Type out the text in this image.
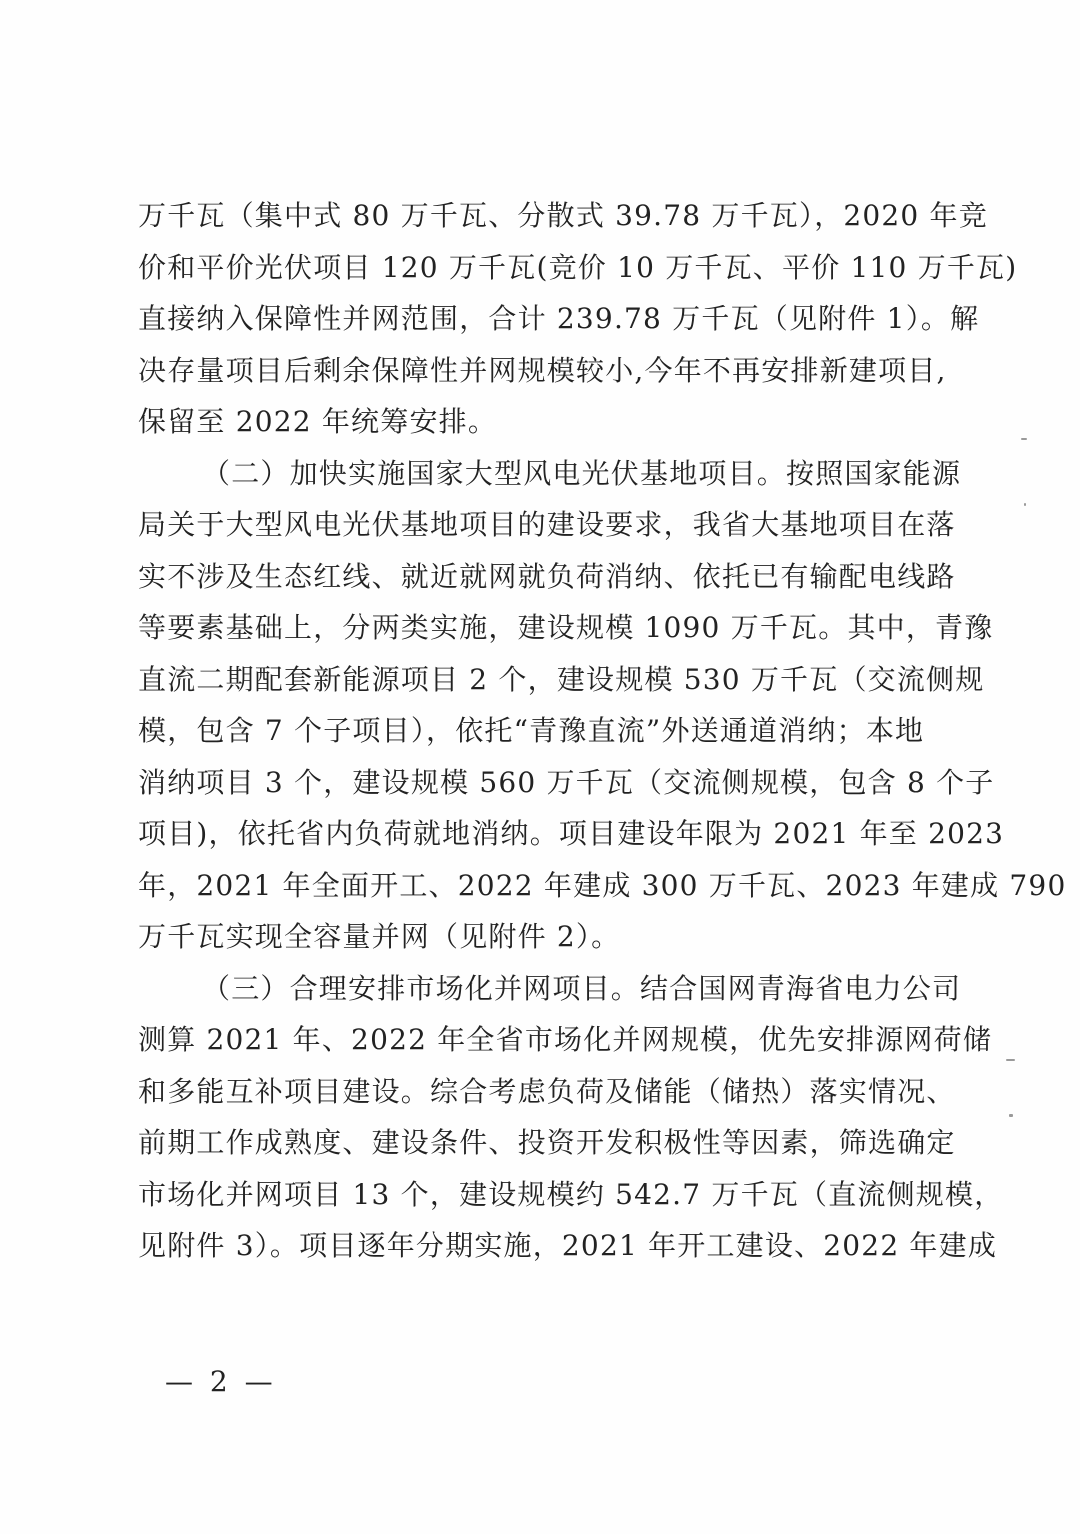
万千瓦（集中式 80 万千瓦、分散式 39.78 万千瓦），2020 年竞
价和平价光伏项目 120 万千瓦(竞价 10 万千瓦、平价 110 万千瓦)
直接纳入保障性并网范围，合计 239.78 万千瓦（见附件 1）。解
决存量项目后剩余保障性并网规模较小,今年不再安排新建项目,
保留至 2022 年统筹安排。
（二）加快实施国家大型风电光伏基地项目。按照国家能源
局关于大型风电光伏基地项目的建设要求，我省大基地项目在落
实不涉及生态红线、就近就网就负荷消纳、依托已有输配电线路
等要素基础上，分两类实施，建设规模 1090 万千瓦。其中，青豫
直流二期配套新能源项目 2 个，建设规模 530 万千瓦（交流侧规
模，包含 7 个子项目），依托“青豫直流”外送通道消纳；本地
消纳项目 3 个，建设规模 560 万千瓦（交流侧规模，包含 8 个子
项目)，依托省内负荷就地消纳。项目建设年限为 2021 年至 2023
年，2021 年全面开工、2022 年建成 300 万千瓦、2023 年建成 790
万千瓦实现全容量并网（见附件 2）。
（三）合理安排市场化并网项目。结合国网青海省电力公司
测算 2021 年、2022 年全省市场化并网规模，优先安排源网荷储
和多能互补项目建设。综合考虑负荷及储能（储热）落实情况、
前期工作成熟度、建设条件、投资开发积极性等因素，筛选确定
市场化并网项目 13 个，建设规模约 542.7 万千瓦（直流侧规模，
见附件 3）。项目逐年分期实施，2021 年开工建设、2022 年建成
— 2 —
